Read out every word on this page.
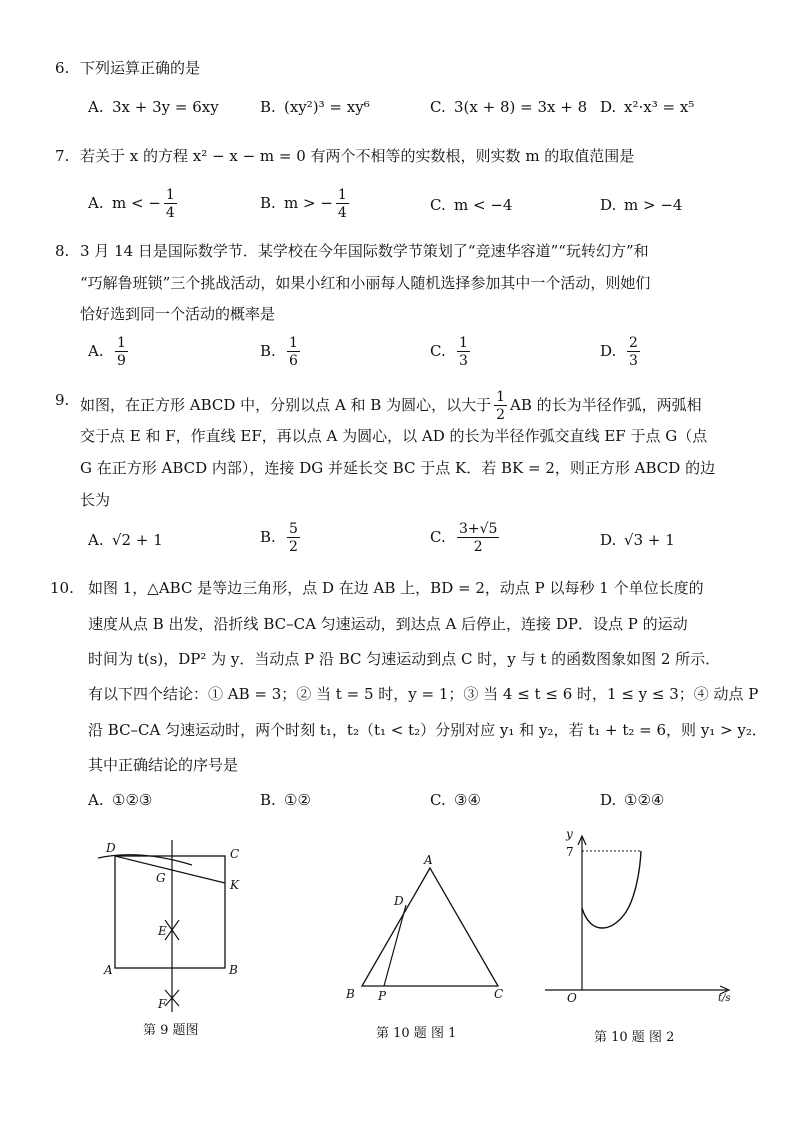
6. 下列运算正确的是
A. 3x + 3y = 6xy	B. (xy²)³ = xy⁶	C. 3(x + 8) = 3x + 8 D. x²·x³ = x⁵
7. 若关于 x 的方程 x² − x − m = 0 有两个不相等的实数根，则实数 m 的取值范围是
A. m < − $\frac{1}{4}$	B. m > − $\frac{1}{4}$	C. m < −4	D. m > −4
8. 3 月 14 日是国际数学节．某学校在今年国际数学节策划了“竞速华容道”“玩转幻方”和
“巧解鲁班锁”三个挑战活动，如果小红和小丽每人随机选择参加其中一个活动，则她们
恰好选到同一个活动的概率是
A. $\frac{1}{9}$	B. $\frac{1}{6}$	C. $\frac{1}{3}$	D. $\frac{2}{3}$
9. 如图，在正方形 ABCD 中，分别以点 A 和 B 为圆心，以大于 $\frac{1}{2}$ AB 的长为半径作弧，两弧相
交于点 E 和 F，作直线 EF，再以点 A 为圆心，以 AD 的长为半径作弧交直线 EF 于点 G（点
G 在正方形 ABCD 内部），连接 DG 并延长交 BC 于点 K．若 BK = 2，则正方形 ABCD 的边
长为
A. √2 + 1	B. $\frac{5}{2}$	C. $\frac{3+√5}{2}$	D. √3 + 1
10. 如图 1，△ABC 是等边三角形，点 D 在边 AB 上，BD = 2，动点 P 以每秒 1 个单位长度的
速度从点 B 出发，沿折线 BC–CA 匀速运动，到达点 A 后停止，连接 DP．设点 P 的运动
时间为 t(s)，DP² 为 y．当动点 P 沿 BC 匀速运动到点 C 时，y 与 t 的函数图象如图 2 所示．
有以下四个结论：① AB = 3；② 当 t = 5 时，y = 1；③ 当 4 ≤ t ≤ 6 时，1 ≤ y ≤ 3；④ 动点 P
沿 BC–CA 匀速运动时，两个时刻 t₁，t₂（t₁ < t₂）分别对应 y₁ 和 y₂，若 t₁ + t₂ = 6，则 y₁ > y₂．
其中正确结论的序号是
A. ①②③	B. ①②	C. ③④	D. ①②④
D	C
G	K
E
A	B
F
第 9 题图
A
D
B P	C
第 10 题 图 1
y
7
O	t/s
第 10 题 图 2
